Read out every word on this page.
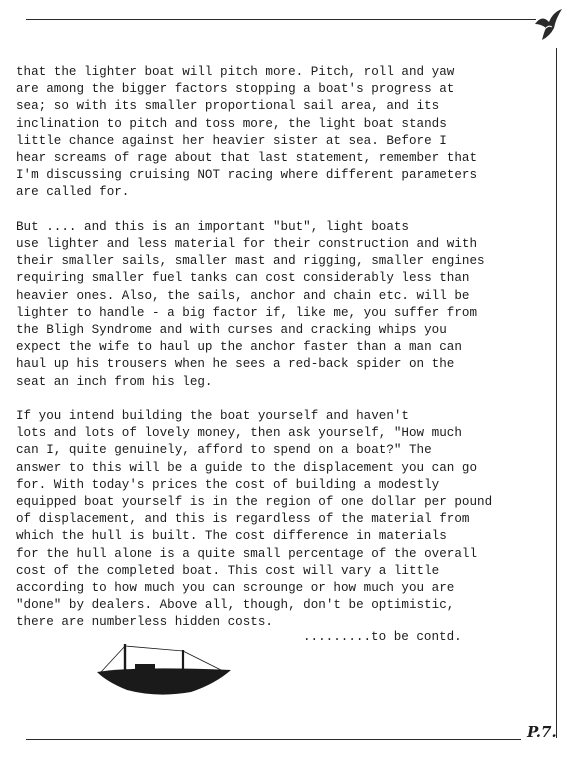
that the lighter boat will pitch more. Pitch, roll and yaw
are among the bigger factors stopping a boat's progress at
sea; so with its smaller proportional sail area, and its
inclination to pitch and toss more, the light boat stands
little chance against her heavier sister at sea. Before I
hear screams of rage about that last statement, remember that
I'm discussing cruising NOT racing where different parameters
are called for.

But .... and this is an important "but", light boats
use lighter and less material for their construction and with
their smaller sails, smaller mast and rigging, smaller engines
requiring smaller fuel tanks can cost considerably less than
heavier ones. Also, the sails, anchor and chain etc. will be
lighter to handle - a big factor if, like me, you suffer from
the Bligh Syndrome and with curses and cracking whips you
expect the wife to haul up the anchor faster than a man can
haul up his trousers when he sees a red-back spider on the
seat an inch from his leg.

If you intend building the boat yourself and haven't
lots and lots of lovely money, then ask yourself, "How much
can I, quite genuinely, afford to spend on a boat?" The
answer to this will be a guide to the displacement you can go
for. With today's prices the cost of building a modestly
equipped boat yourself is in the region of one dollar per pound
of displacement, and this is regardless of the material from
which the hull is built. The cost difference in materials
for the hull alone is a quite small percentage of the overall
cost of the completed boat. This cost will vary a little
according to how much you can scrounge or how much you are
"done" by dealers. Above all, though, don't be optimistic,
there are numberless hidden costs.

.........to be contd.
P.7.
